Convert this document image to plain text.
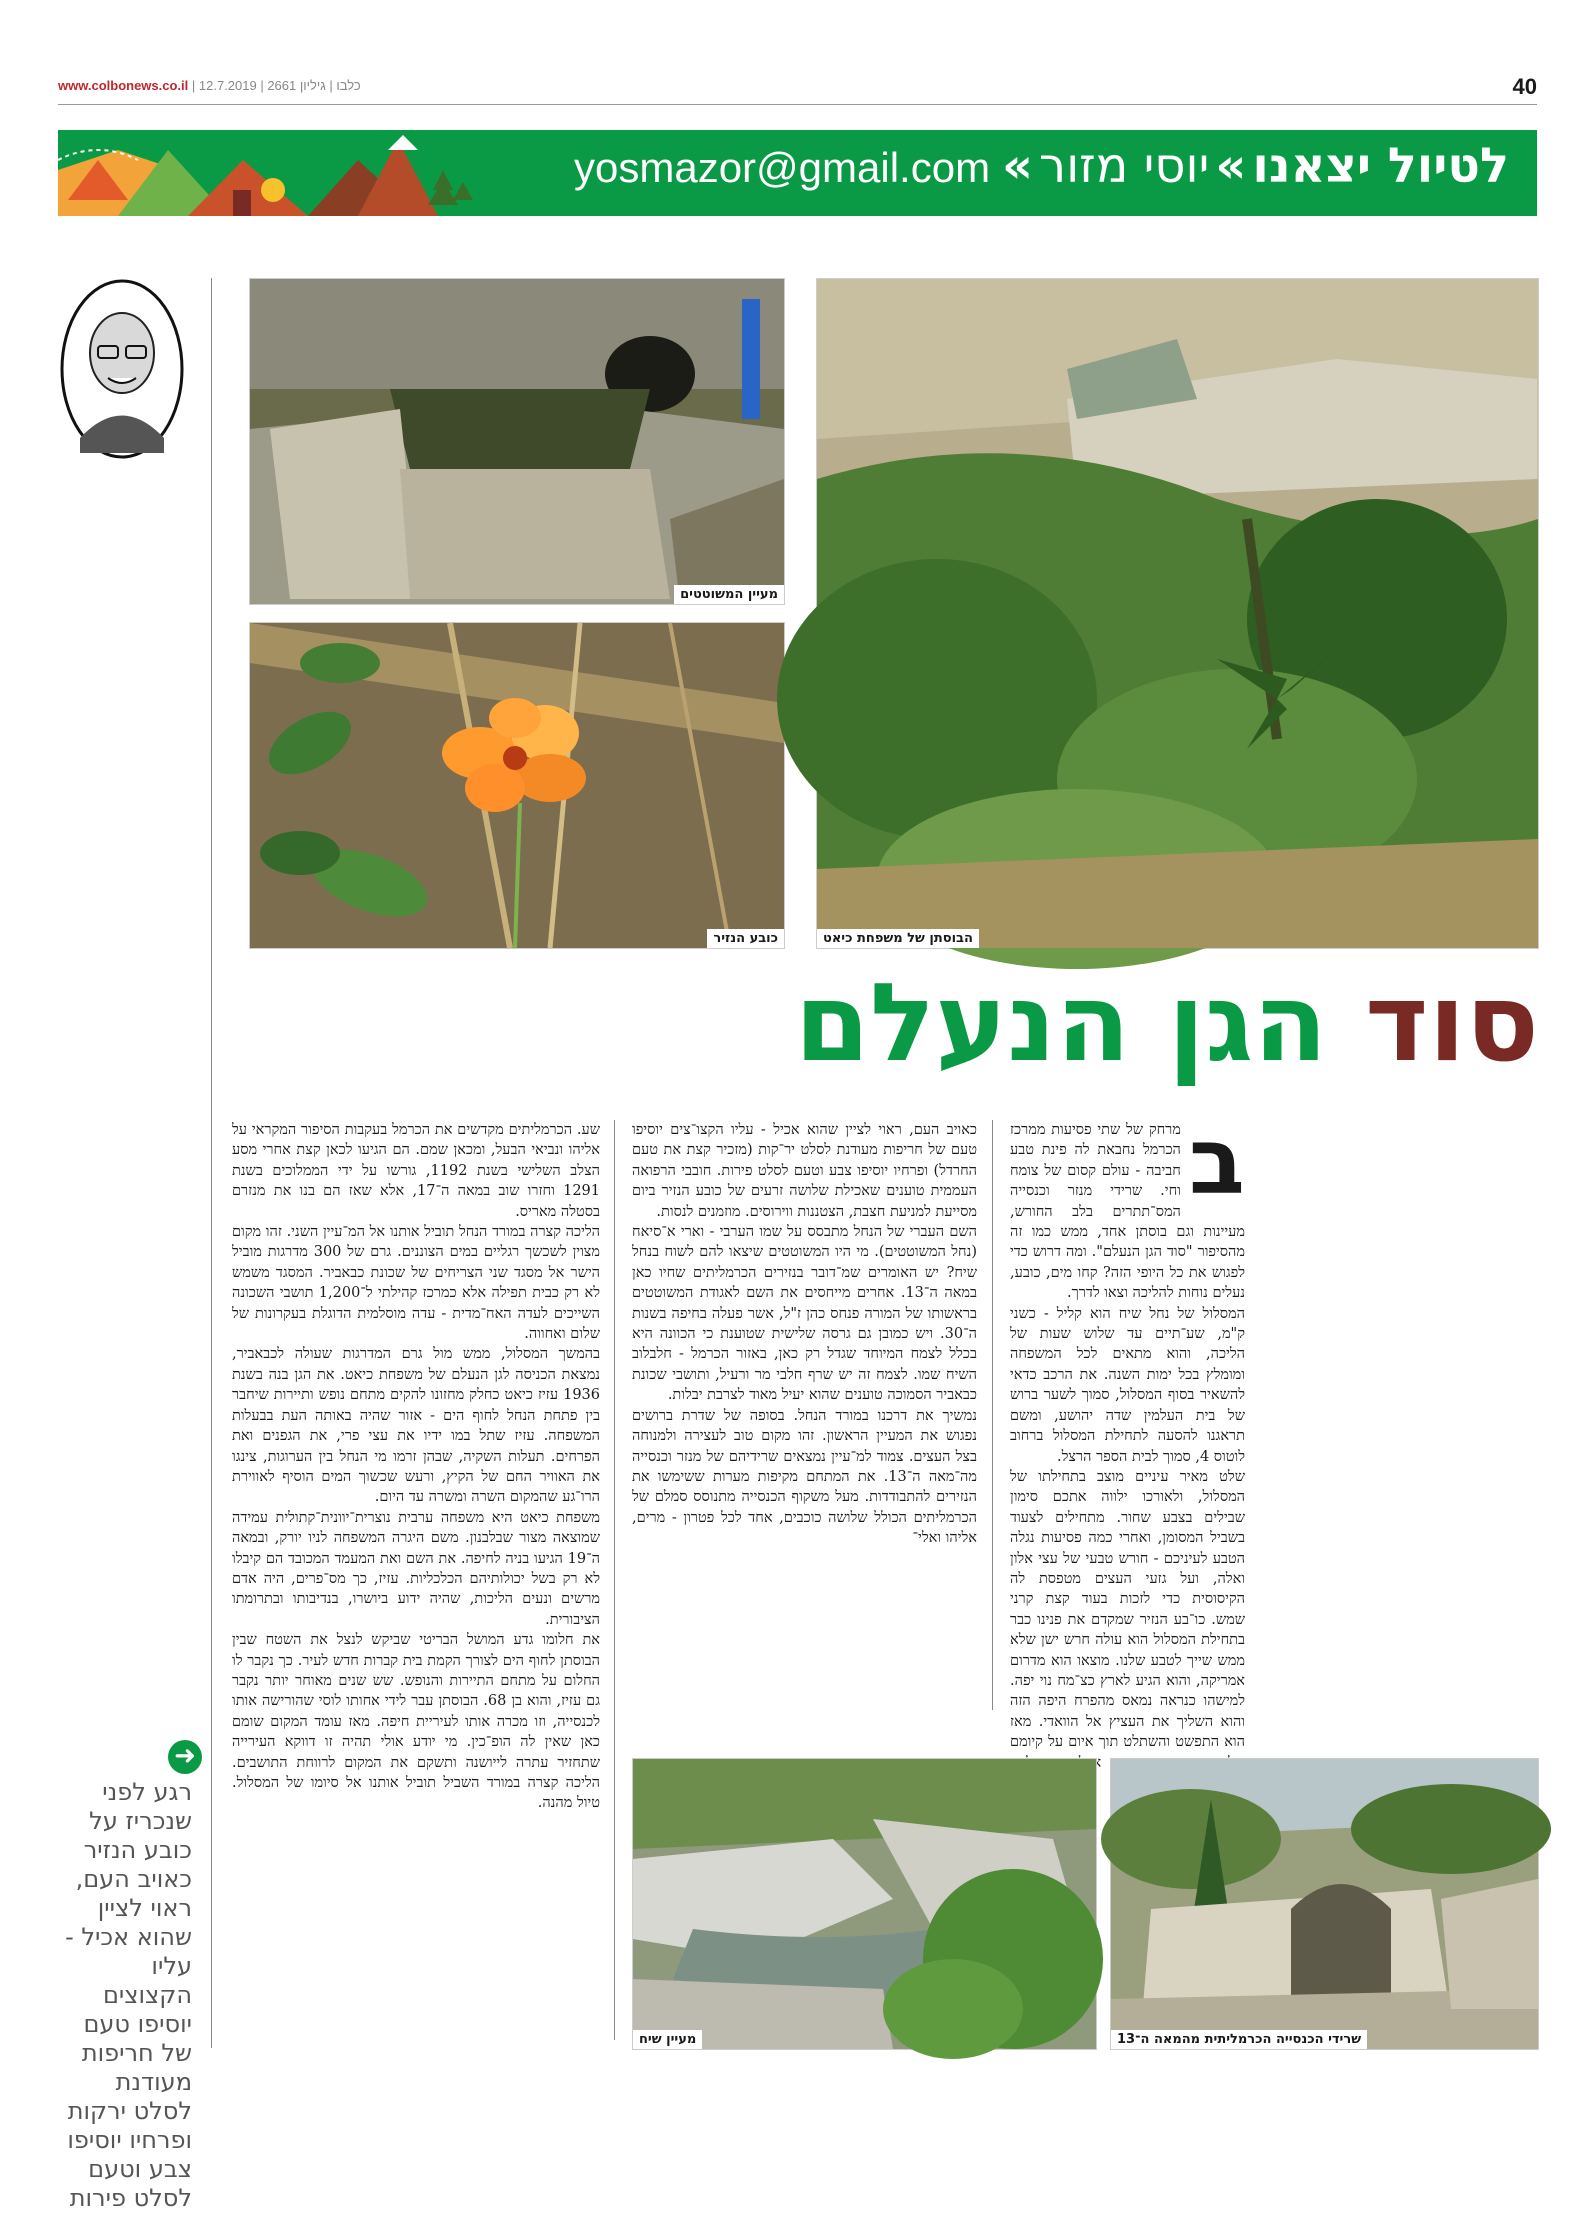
www.colbonews.co.il | כלבו | גיליון 2661 | 12.7.2019	40
yosmazor@gmail.com	לטיול יצאנו»יוסי מזור»
מעיין המשוטטים
כובע הנזיר	הבוסתן של משפחת כיאט
סוד הגן הנעלם
ב

מרחק של שתי פסיעות ממרכז הכרמל נחבאת לה פינת טבע חביבה - עולם קסום של צומח וחי. שרידי מנזר וכנסייה המס־תתרים בלב החורש, מעיינות וגם בוסתן אחד, ממש כמו זה מהסיפור "סוד הגן הנעלם". ומה דרוש כדי לפגוש את כל היופי הזה? קחו מים, כובע, נעלים נוחות להליכה וצאו לדרך.
המסלול של נחל שיח הוא קליל - כשני ק"מ, שע־תיים עד שלוש שעות של הליכה, והוא מתאים לכל המשפחה ומומלץ בכל ימות השנה. את הרכב כדאי להשאיר בסוף המסלול, סמוך לשער ברוש של בית העלמין שדה יהושע, ומשם תראגנו להסעה לתחילת המסלול ברחוב לוטוס 4, סמוך לבית הספר הרצל.
שלט מאיר עיניים מוצב בתחילתו של המסלול, ולאורכו ילווה אתכם סימון שבילים בצבע שחור. מתחילים לצעוד בשביל המסומן, ואחרי כמה פסיעות נגלה הטבע לעיניכם - חורש טבעי של עצי אלון ואלה, ועל גזעי העצים מטפסת לה הקיסוסית כדי לזכות בעוד קצת קרני שמש. כו־בע הנזיר שמקדם את פנינו כבר בתחילת המסלול הוא עולה חרש ישן שלא ממש שייך לטבע שלנו. מוצאו הוא מדרום אמריקה, והוא הגיע לארץ כצ־מח נוי יפה. למישהו כנראה נמאס מהפרח היפה הזה והוא השליך את העציץ אל הוואדי. מאז הוא התפשט והשתלט תוך איום על קיומם

כאויב העם, ראוי לציין שהוא אכיל - עליו הקצו־צים יוסיפו טעם של חריפות מעודנת לסלט יר־קות (מזכיר קצת את טעם החרדל) ופרחיו יוסיפו צבע וטעם לסלט פירות. חובבי הרפואה העממית טוענים שאכילת שלושה זרעים של כובע הנזיר ביום מסייעת למניעת חצבת, הצטננות ווירוסים. מוזמנים לנסות.
השם העברי של הנחל מתבסס על שמו הערבי - וארי א־סיאח (נחל המשוטטים). מי היו המשוטטים שיצאו להם לשוח בנחל שיח? יש האומרים שמ־דובר בנזירים הכרמליתים שחיו כאן במאה ה־13. אחרים מייחסים את השם לאגודת המשוטטים בראשותו של המורה פנחס כהן ז"ל, אשר פעלה בחיפה בשנות ה־30. ויש כמובן גם גרסה שלישית שטוענת כי הכוונה היא בכלל לצמח המיוחד שגדל רק כאן, באזור הכרמל - חלבלוב השיח שמו. לצמח זה יש שרף חלבי מר ורעיל, ותושבי שכונת כבאביר הסמוכה טוענים שהוא יעיל מאוד לצרבת יבלות.
נמשיך את דרכנו במורד הנחל. בסופה של שדרת ברושים נפגוש את המעיין הראשון. זהו מקום טוב לעצירה ולמנוחה בצל העצים. צמוד למ־עיין נמצאים שרידיהם של מנזר וכנסייה מה־מאה ה־13. את המתחם מקיפות מערות ששימשו את הנזירים להתבודדות. מעל משקוף הכנסייה מתנוסס סמלם של הכרמליתים הכולל שלושה כוכבים, אחד לכל פטרון - מרים, אליהו ואלי־

שע. הכרמליתים מקדשים את הכרמל בעקבות הסיפור המקראי על אליהו ונביאי הבעל, ומכאן שמם. הם הגיעו לכאן קצת אחרי מסע הצלב השלישי בשנת 1192, גורשו על ידי הממלוכים בשנת 1291 וחזרו שוב במאה ה־17, אלא שאז הם בנו את מנזרם בסטלה מאריס.
הליכה קצרה במורד הנחל תוביל אותנו אל המ־עיין השני. זהו מקום מצוין לשכשך רגליים במים הצוננים. גרם של 300 מדרגות מוביל הישר אל מסגד שני הצריחים של שכונת כבאביר. המסגד משמש לא רק כבית תפילה אלא כמרכז קהילתי ל־1,200 תושבי השכונה השייכים לעדה האח־מדית - עדה מוסלמית הדוגלת בעקרונות של שלום ואחווה.
בהמשך המסלול, ממש מול גרם המדרגות שעולה לכבאביר, נמצאת הכניסה לגן הנעלם של משפחת כיאט. את הגן בנה בשנת 1936 עזיז כיאט כחלק מחזונו להקים מתחם נופש ותיירות שיחבר בין פתחת הנחל לחוף הים - אזור שהיה באותה העת בבעלות המשפחה. עזיז שתל במו ידיו את עצי פרי, את הגפנים ואת הפרחים. תעלות השקיה, שבהן זרמו מי הנחל בין הערוגות, צינגו את האוויר החם של הקיץ, ורעש שכשוך המים הוסיף לאווירת הרו־גע שהמקום השרה ומשרה עד היום.
משפחת כיאט היא משפחה ערבית נוצרית־יוונית־קתולית עמידה שמוצאה מצור שבלבנון. משם היגרה המשפחה לניו יורק, ובמאה ה־19 הגיעו בניה לחיפה. את השם ואת המעמד המכובד הם קיבלו לא רק בשל יכולותיהם הכלכליות. עזיז, כך מס־פרים, היה אדם מרשים ונעים הליכות, שהיה ידוע ביושרו, בנדיבותו ובתרומתו הציבורית.
את חלומו גדע המושל הבריטי שביקש לנצל את השטח שבין הבוסתן לחוף הים לצורך הקמת בית קברות חדש לעיר. כך נקבר לו החלום על מתחם התיירות והנופש. שש שנים מאוחר יותר נקבר גם עזיז, והוא בן 68. הבוסתן עבר לידי אחותו לוסי שהורישה אותו לכנסייה, וזו מכרה אותו לעיריית חיפה. מאז עומד המקום שומם כאן שאין לה הופ־כין. מי יודע אולי תהיה זו דווקא העירייה שתחזיר עתרה לייושנה ותשקם את המקום לרווחת התושבים. הליכה קצרה במורד השביל תוביל אותנו אל סיומו של המסלול. טיול מהנה.

➜
רגע לפני שנכריז על כובע הנזיר כאויב העם, ראוי לציין שהוא אכיל - עליו הקצוצים יוסיפו טעם של חריפות מעודנת לסלט ירקות ופרחיו יוסיפו צבע וטעם לסלט פירות
מעיין שיח	שרידי הכנסייה הכרמליתית מהמאה ה־13
